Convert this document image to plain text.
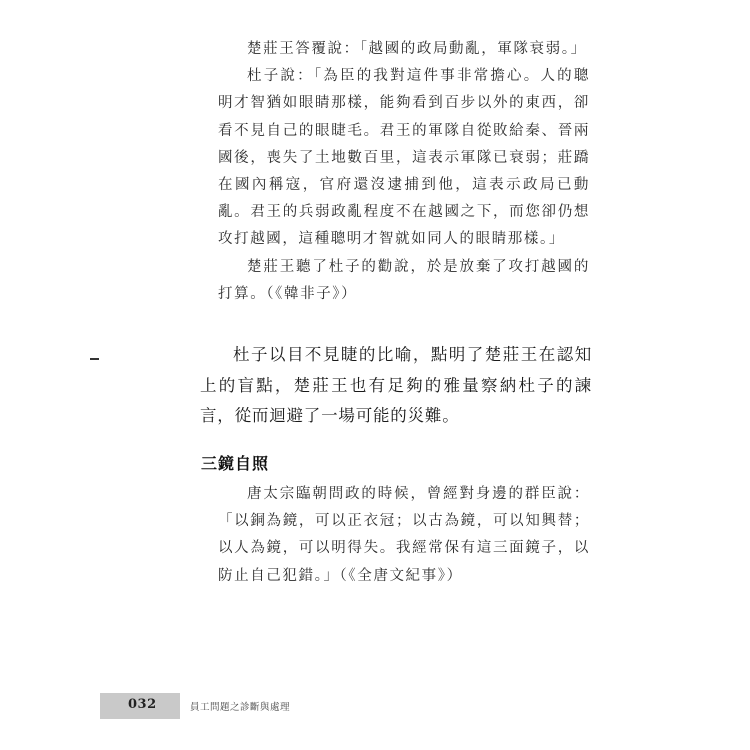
楚莊王答覆說：「越國的政局動亂，軍隊衰弱。」

杜子說：「為臣的我對這件事非常擔心。人的聰明才智猶如眼睛那樣，能夠看到百步以外的東西，卻看不見自己的眼睫毛。君王的軍隊自從敗給秦、晉兩國後，喪失了土地數百里，這表示軍隊已衰弱；莊蹻在國內稱寇，官府還沒逮捕到他，這表示政局已動亂。君王的兵弱政亂程度不在越國之下，而您卻仍想攻打越國，這種聰明才智就如同人的眼睛那樣。」

楚莊王聽了杜子的勸說，於是放棄了攻打越國的打算。（《韓非子》）

杜子以目不見睫的比喻，點明了楚莊王在認知上的盲點，楚莊王也有足夠的雅量察納杜子的諫言，從而迴避了一場可能的災難。

三鏡自照

唐太宗臨朝問政的時候，曾經對身邊的群臣說：「以銅為鏡，可以正衣冠；以古為鏡，可以知興替；以人為鏡，可以明得失。我經常保有這三面鏡子，以防止自己犯錯。」（《全唐文紀事》）

032	員工問題之診斷與處理
